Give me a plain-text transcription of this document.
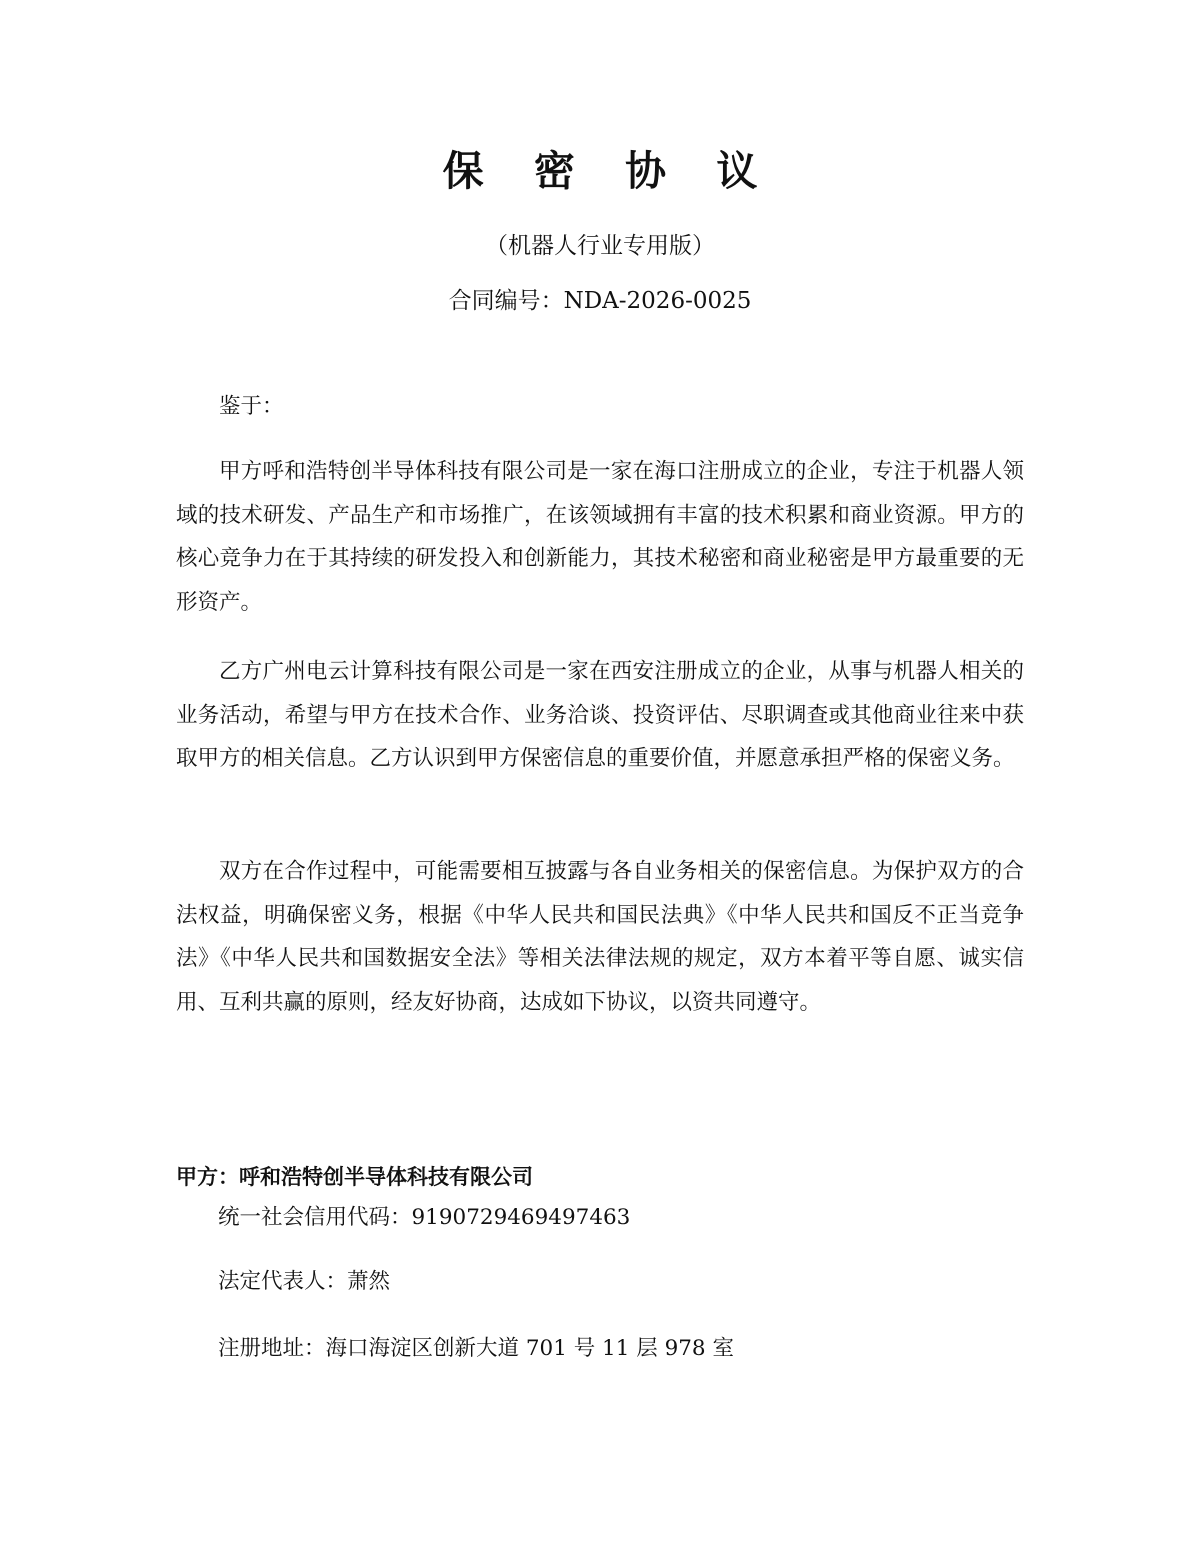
保 密 协 议
（机器人行业专用版）
合同编号：NDA-2026-0025
鉴于：
甲方呼和浩特创半导体科技有限公司是一家在海口注册成立的企业，专注于机器人领域的技术研发、产品生产和市场推广，在该领域拥有丰富的技术积累和商业资源。甲方的核心竞争力在于其持续的研发投入和创新能力，其技术秘密和商业秘密是甲方最重要的无形资产。
乙方广州电云计算科技有限公司是一家在西安注册成立的企业，从事与机器人相关的业务活动，希望与甲方在技术合作、业务洽谈、投资评估、尽职调查或其他商业往来中获取甲方的相关信息。乙方认识到甲方保密信息的重要价值，并愿意承担严格的保密义务。
双方在合作过程中，可能需要相互披露与各自业务相关的保密信息。为保护双方的合法权益，明确保密义务，根据《中华人民共和国民法典》《中华人民共和国反不正当竞争法》《中华人民共和国数据安全法》等相关法律法规的规定，双方本着平等自愿、诚实信用、互利共赢的原则，经友好协商，达成如下协议，以资共同遵守。
甲方：呼和浩特创半导体科技有限公司
统一社会信用代码：9190729469497463
法定代表人：萧然
注册地址：海口海淀区创新大道 701 号 11 层 978 室
